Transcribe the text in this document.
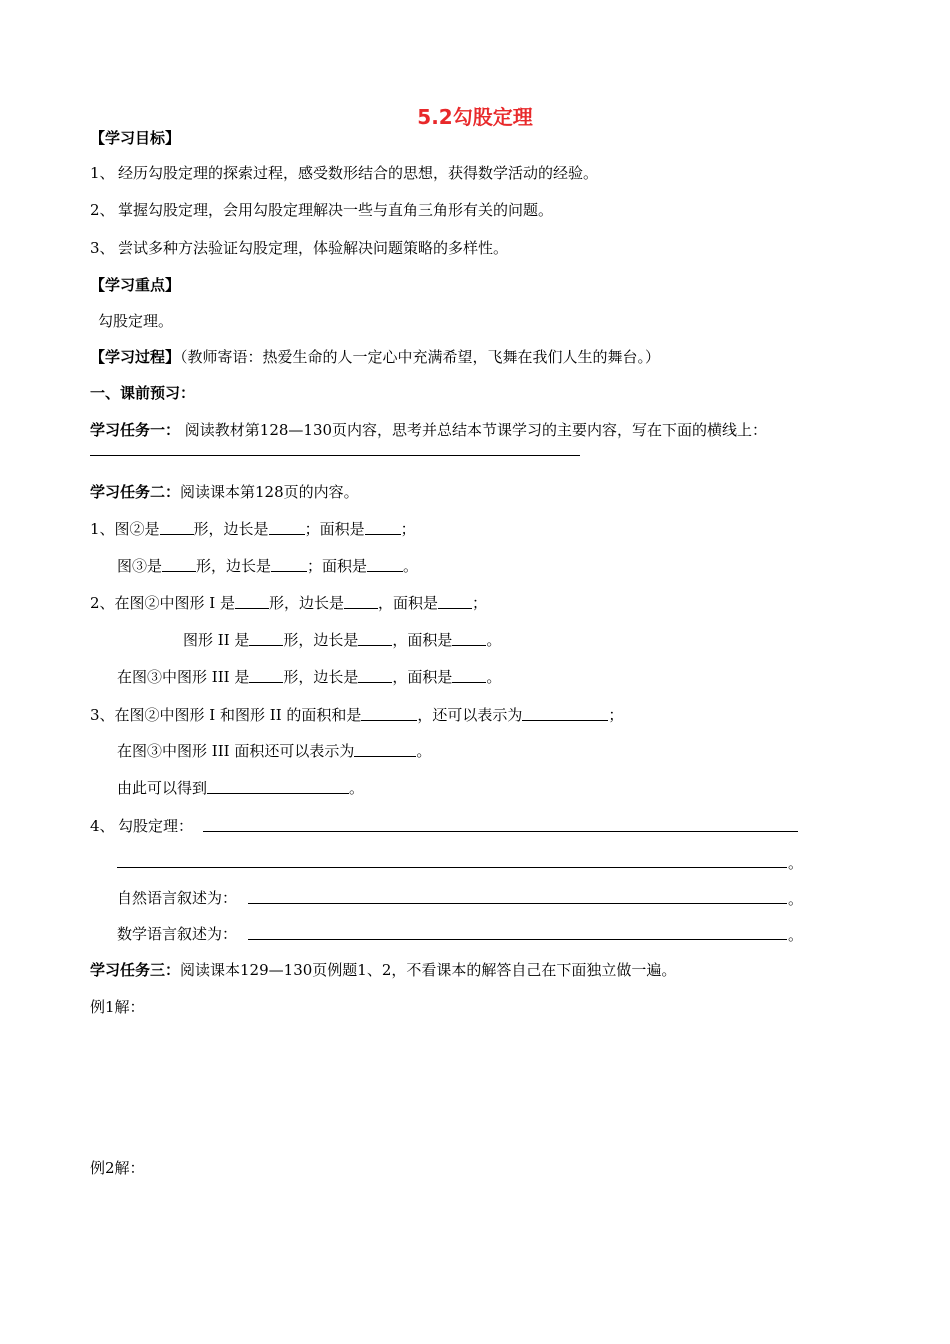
5.2勾股定理
【学习目标】
1、 经历勾股定理的探索过程，感受数形结合的思想，获得数学活动的经验。
2、 掌握勾股定理，会用勾股定理解决一些与直角三角形有关的问题。
3、 尝试多种方法验证勾股定理，体验解决问题策略的多样性。
【学习重点】
勾股定理。
【学习过程】（教师寄语：热爱生命的人一定心中充满希望，飞舞在我们人生的舞台。）
一、课前预习：
学习任务一： 阅读教材第128—130页内容，思考并总结本节课学习的主要内容，写在下面的横线上：
学习任务二：阅读课本第128页的内容。
1、图②是 形，边长是 ；面积是 ；
图③是 形，边长是 ；面积是 。
2、在图②中图形 I 是 形，边长是 ，面积是 ；
图形 II 是 形，边长是 ，面积是 。
在图③中图形 III 是 形，边长是 ，面积是 。
3、在图②中图形 I 和图形 II 的面积和是	，还可以表示为	；
在图③中图形 III 面积还可以表示为	。
由此可以得到	。
4、 勾股定理：
。
自然语言叙述为：	。
数学语言叙述为：	。
学习任务三：阅读课本129—130页例题1、2，不看课本的解答自己在下面独立做一遍。
例1解：
例2解：
